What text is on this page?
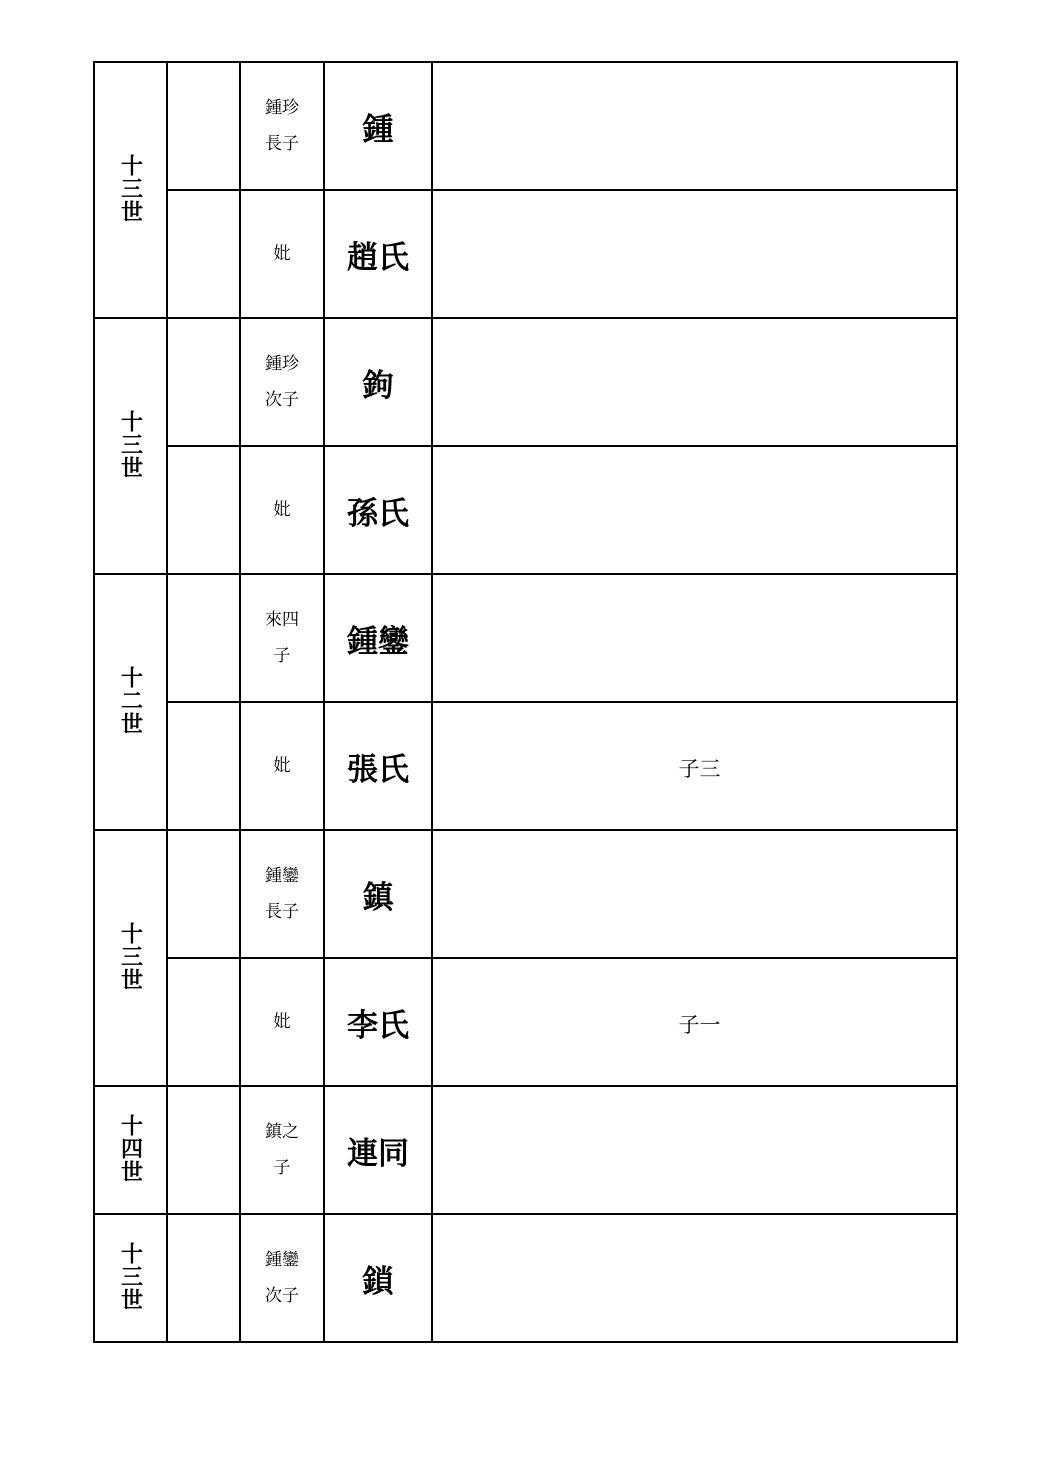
十三世		鍾珍長子	鍾	

		妣	趙氏	

十三世		鍾珍次子	鉤	

		妣	孫氏	

十二世		來四子	鍾鑾	

		妣	張氏	子三

十三世		鍾鑾長子	鎮	

		妣	李氏	子一

十四世		鎮之子	連同	

十三世		鍾鑾次子	鎖	
